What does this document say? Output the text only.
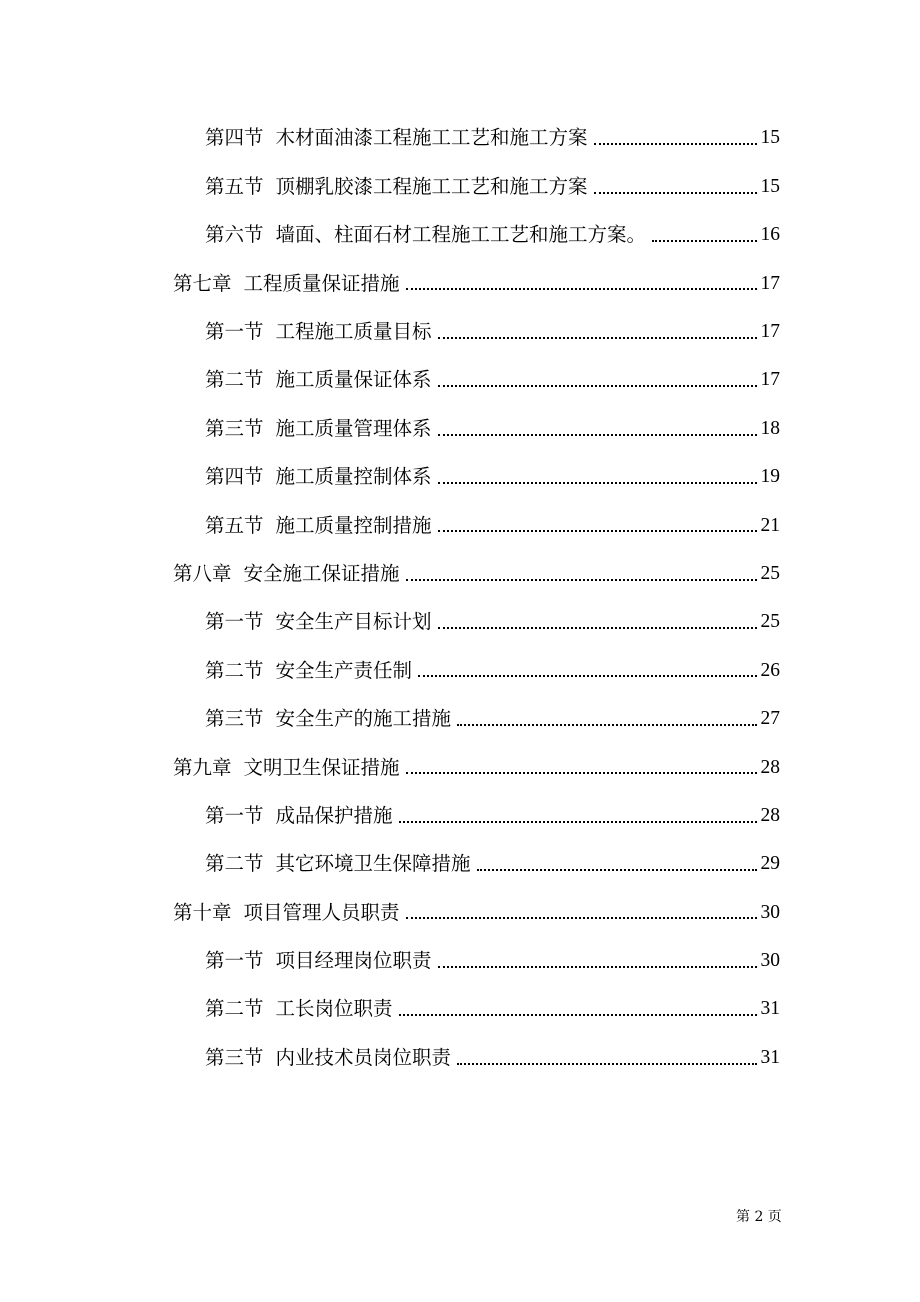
第四节 木材面油漆工程施工工艺和施工方案	15
第五节 顶棚乳胶漆工程施工工艺和施工方案	15
第六节 墙面、柱面石材工程施工工艺和施工方案。	16
第七章 工程质量保证措施	17
第一节 工程施工质量目标	17
第二节 施工质量保证体系	17
第三节 施工质量管理体系	18
第四节 施工质量控制体系	19
第五节 施工质量控制措施	21
第八章 安全施工保证措施	25
第一节 安全生产目标计划	25
第二节 安全生产责任制	26
第三节 安全生产的施工措施	27
第九章 文明卫生保证措施	28
第一节 成品保护措施	28
第二节 其它环境卫生保障措施	29
第十章 项目管理人员职责	30
第一节 项目经理岗位职责	30
第二节 工长岗位职责	31
第三节 内业技术员岗位职责	31
第 2 页
